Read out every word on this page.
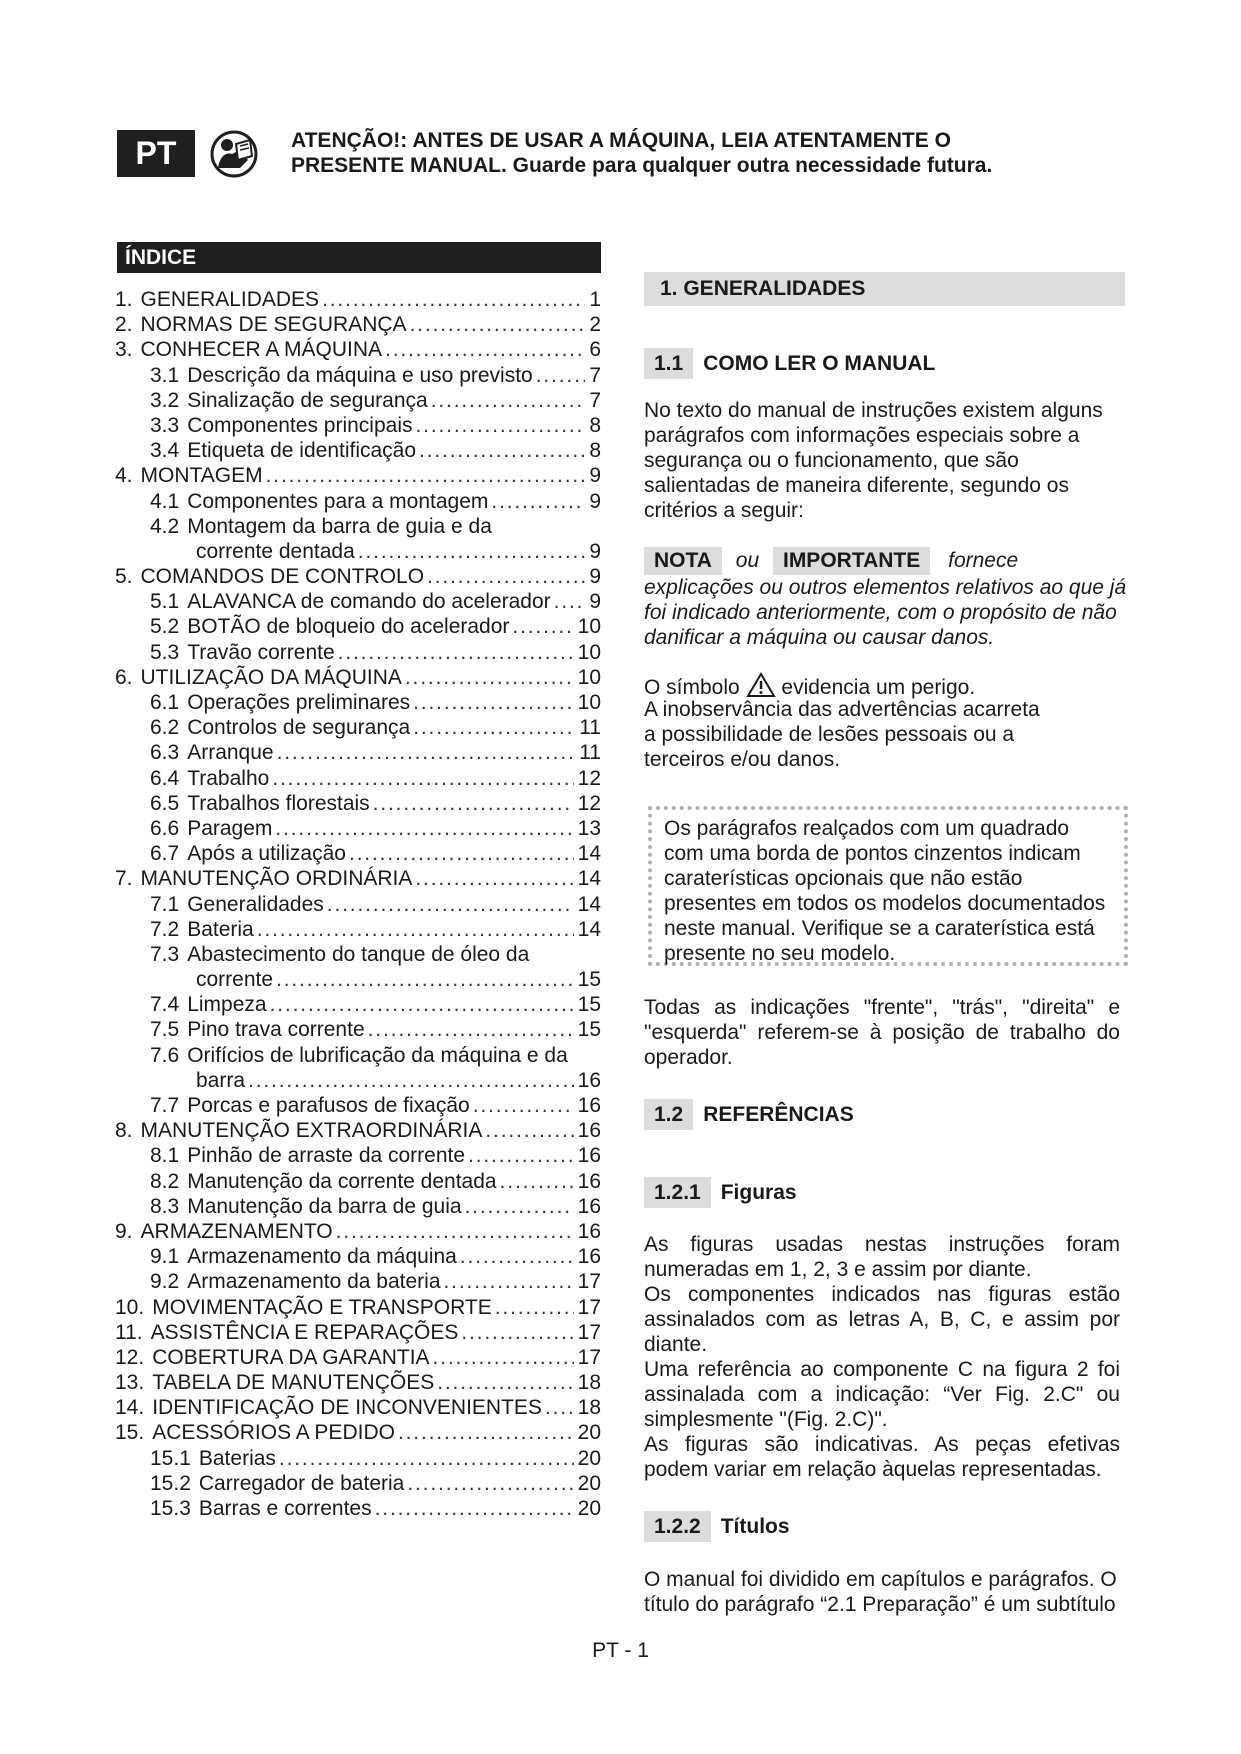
PT	ATENÇÃO!: ANTES DE USAR A MÁQUINA, LEIA ATENTAMENTE O
PRESENTE MANUAL. Guarde para qualquer outra necessidade futura.
ÍNDICE
1. GENERALIDADES . . .	1
2. NORMAS DE SEGURANÇA . . .	2
3. CONHECER A MÁQUINA . . .	6
3.1 Descrição da máquina e uso previsto . . .	7
3.2 Sinalização de segurança . . .	7
3.3 Componentes principais . . .	8
3.4 Etiqueta de identificação . . .	8
4. MONTAGEM . . .	9
4.1 Componentes para a montagem . . .	9
4.2 Montagem da barra de guia e da
corrente dentada . . .	9
5. COMANDOS DE CONTROLO . . .	9
5.1 ALAVANCA de comando do acelerador . . .	9
5.2 BOTÃO de bloqueio do acelerador . . .	10
5.3 Travão corrente . . .	10
6. UTILIZAÇÃO DA MÁQUINA . . .	10
6.1 Operações preliminares . . .	10
6.2 Controlos de segurança . . .	11
6.3 Arranque . . .	11
6.4 Trabalho . . .	12
6.5 Trabalhos florestais . . .	12
6.6 Paragem . . .	13
6.7 Após a utilização . . .	14
7. MANUTENÇÃO ORDINÁRIA . . .	14
7.1 Generalidades . . .	14
7.2 Bateria . . .	14
7.3 Abastecimento do tanque de óleo da
corrente . . .	15
7.4 Limpeza . . .	15
7.5 Pino trava corrente . . .	15
7.6 Orifícios de lubrificação da máquina e da
barra . . .	16
7.7 Porcas e parafusos de fixação . . .	16
8. MANUTENÇÃO EXTRAORDINÁRIA . . .	16
8.1 Pinhão de arraste da corrente . . .	16
8.2 Manutenção da corrente dentada . . .	16
8.3 Manutenção da barra de guia . . .	16
9. ARMAZENAMENTO . . .	16
9.1 Armazenamento da máquina . . .	16
9.2 Armazenamento da bateria . . .	17
10. MOVIMENTAÇÃO E TRANSPORTE . . .	17
11. ASSISTÊNCIA E REPARAÇÕES . . .	17
12. COBERTURA DA GARANTIA . . .	17
13. TABELA DE MANUTENÇÕES . . .	18
14. IDENTIFICAÇÃO DE INCONVENIENTES . . .	18
15. ACESSÓRIOS A PEDIDO . . .	20
15.1 Baterias . . .	20
15.2 Carregador de bateria . . .	20
15.3 Barras e correntes . . .	20
1. GENERALIDADES
1.1 COMO LER O MANUAL
No texto do manual de instruções existem alguns parágrafos com informações especiais sobre a segurança ou o funcionamento, que são salientadas de maneira diferente, segundo os critérios a seguir:
NOTA ou IMPORTANTE fornece
explicações ou outros elementos relativos ao que já foi indicado anteriormente, com o propósito de não danificar a máquina ou causar danos.
O símbolo evidencia um perigo.
A inobservância das advertências acarreta a possibilidade de lesões pessoais ou a terceiros e/ou danos.
Os parágrafos realçados com um quadrado com uma borda de pontos cinzentos indicam caraterísticas opcionais que não estão presentes em todos os modelos documentados neste manual. Verifique se a caraterística está presente no seu modelo.
Todas as indicações "frente", "trás", "direita" e "esquerda" referem-se à posição de trabalho do operador.
1.2 REFERÊNCIAS
1.2.1 Figuras
As figuras usadas nestas instruções foram numeradas em 1, 2, 3 e assim por diante.
Os componentes indicados nas figuras estão assinalados com as letras A, B, C, e assim por diante.
Uma referência ao componente C na figura 2 foi assinalada com a indicação: “Ver Fig. 2.C" ou simplesmente "(Fig. 2.C)".
As figuras são indicativas. As peças efetivas podem variar em relação àquelas representadas.
1.2.2 Títulos
O manual foi dividido em capítulos e parágrafos. O título do parágrafo “2.1 Preparação” é um subtítulo
PT - 1
